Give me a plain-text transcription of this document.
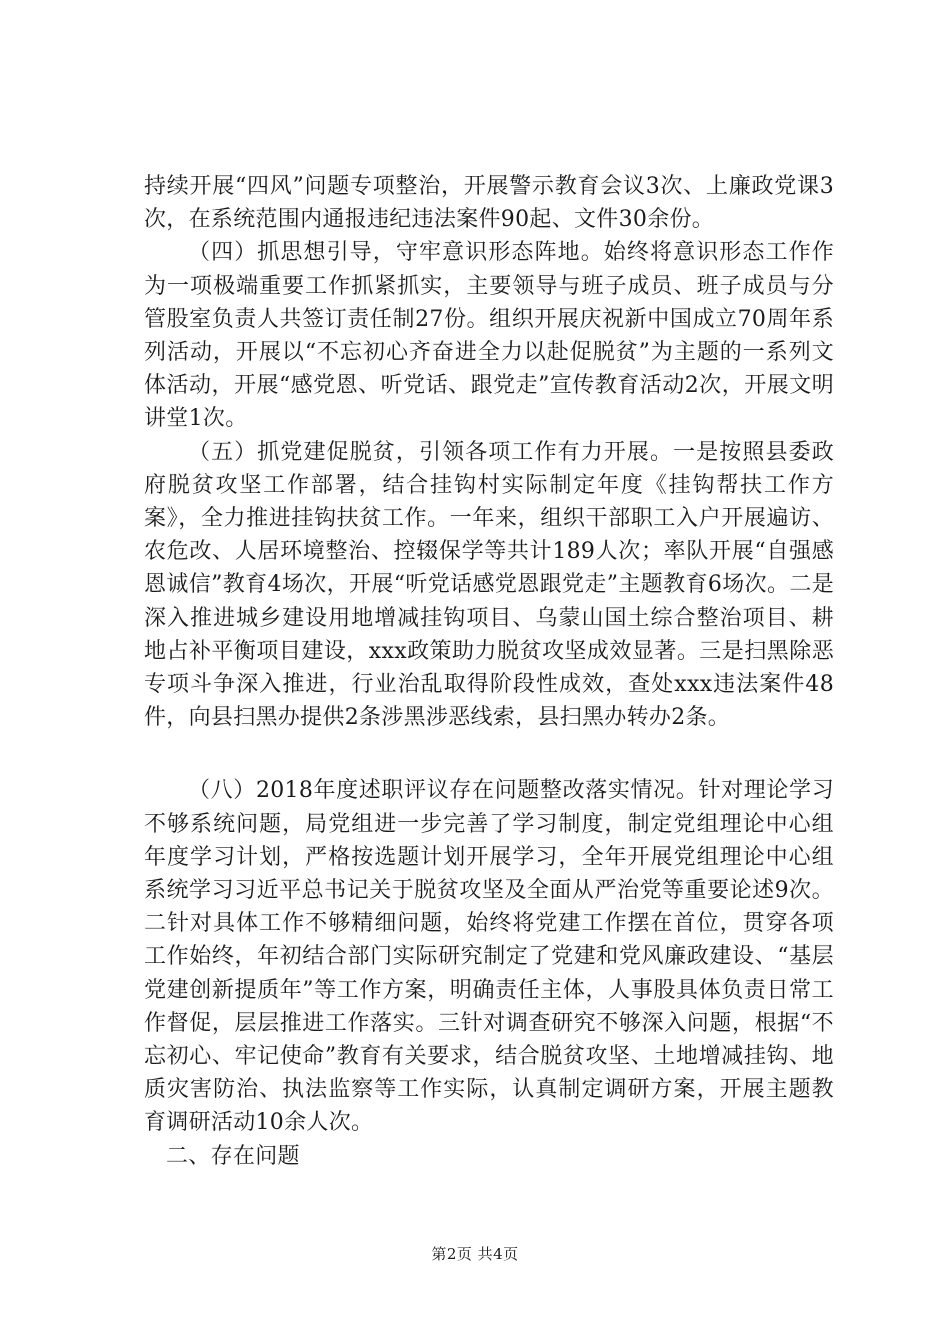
持续开展“四风”问题专项整治，开展警示教育会议3次、上廉政党课3次，在系统范围内通报违纪违法案件90起、文件30余份。

（四）抓思想引导，守牢意识形态阵地。始终将意识形态工作作为一项极端重要工作抓紧抓实，主要领导与班子成员、班子成员与分管股室负责人共签订责任制27份。组织开展庆祝新中国成立70周年系列活动，开展以“不忘初心齐奋进全力以赴促脱贫”为主题的一系列文体活动，开展“感党恩、听党话、跟党走”宣传教育活动2次，开展文明讲堂1次。

（五）抓党建促脱贫，引领各项工作有力开展。一是按照县委政府脱贫攻坚工作部署，结合挂钩村实际制定年度《挂钩帮扶工作方案》，全力推进挂钩扶贫工作。一年来，组织干部职工入户开展遍访、农危改、人居环境整治、控辍保学等共计189人次；率队开展“自强感恩诚信”教育4场次，开展“听党话感党恩跟党走”主题教育6场次。二是深入推进城乡建设用地增减挂钩项目、乌蒙山国土综合整治项目、耕地占补平衡项目建设，xxx政策助力脱贫攻坚成效显著。三是扫黑除恶专项斗争深入推进，行业治乱取得阶段性成效，查处xxx违法案件48件，向县扫黑办提供2条涉黑涉恶线索，县扫黑办转办2条。

（八）2018年度述职评议存在问题整改落实情况。针对理论学习不够系统问题，局党组进一步完善了学习制度，制定党组理论中心组年度学习计划，严格按选题计划开展学习，全年开展党组理论中心组系统学习习近平总书记关于脱贫攻坚及全面从严治党等重要论述9次。二针对具体工作不够精细问题，始终将党建工作摆在首位，贯穿各项工作始终，年初结合部门实际研究制定了党建和党风廉政建设、“基层党建创新提质年”等工作方案，明确责任主体，人事股具体负责日常工作督促，层层推进工作落实。三针对调查研究不够深入问题，根据“不忘初心、牢记使命”教育有关要求，结合脱贫攻坚、土地增减挂钩、地质灾害防治、执法监察等工作实际，认真制定调研方案，开展主题教育调研活动10余人次。

二、存在问题

第2页 共4页
